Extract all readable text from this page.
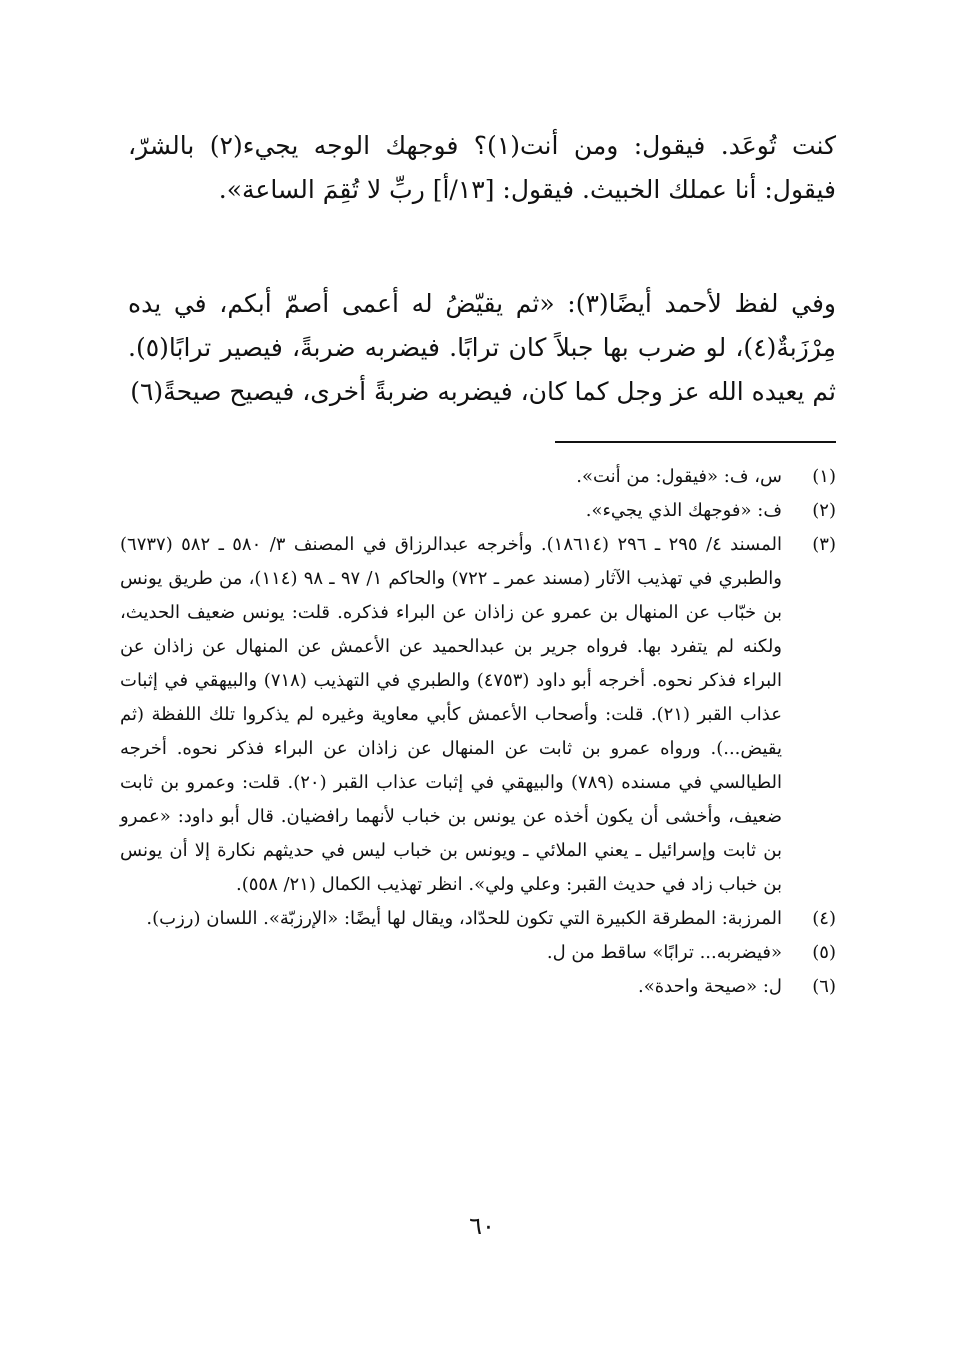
كنت تُوعَد. فيقول: ومن أنت(١)؟ فوجهك الوجه يجيء(٢) بالشرّ، فيقول: أنا عملك الخبيث. فيقول: [١٣/أ] ربِّ لا تُقِمَ الساعة».

وفي لفظ لأحمد أيضًا(٣): «ثم يقيّضُ له أعمى أصمّ أبكم، في يده مِرْزَبةٌ(٤)، لو ضرب بها جبلاً كان ترابًا. فيضربه ضربةً، فيصير ترابًا(٥). ثم يعيده الله عز وجل كما كان، فيضربه ضربةً أخرى، فيصيح صيحةً(٦)

(١)
س، ف: «فيقول: من أنت».
(٢)
ف: «فوجهك الذي يجيء».
(٣)
المسند ٤/ ٢٩٥ ـ ٢٩٦ (١٨٦١٤). وأخرجه عبدالرزاق في المصنف ٣/ ٥٨٠ ـ ٥٨٢ (٦٧٣٧) والطبري في تهذيب الآثار (مسند عمر ـ ٧٢٢) والحاكم ١/ ٩٧ ـ ٩٨ (١١٤)، من طريق يونس بن خبّاب عن المنهال بن عمرو عن زاذان عن البراء فذكره. قلت: يونس ضعيف الحديث، ولكنه لم يتفرد بها. فرواه جرير بن عبدالحميد عن الأعمش عن المنهال عن زاذان عن البراء فذكر نحوه. أخرجه أبو داود (٤٧٥٣) والطبري في التهذيب (٧١٨) والبيهقي في إثبات عذاب القبر (٢١). قلت: وأصحاب الأعمش كأبي معاوية وغيره لم يذكروا تلك اللفظة (ثم يقيض...). ورواه عمرو بن ثابت عن المنهال عن زاذان عن البراء فذكر نحوه. أخرجه الطيالسي في مسنده (٧٨٩) والبيهقي في إثبات عذاب القبر (٢٠). قلت: وعمرو بن ثابت ضعيف، وأخشى أن يكون أخذه عن يونس بن خباب لأنهما رافضيان. قال أبو داود: «عمرو بن ثابت وإسرائيل ـ يعني الملائي ـ ويونس بن خباب ليس في حديثهم نكارة إلا أن يونس بن خباب زاد في حديث القبر: وعلي ولي». انظر تهذيب الكمال (٢١/ ٥٥٨).
(٤)
المرزبة: المطرقة الكبيرة التي تكون للحدّاد، ويقال لها أيضًا: «الإرزبّة». اللسان (رزب).
(٥)
«فيضربه... ترابًا» ساقط من ل.
(٦)
ل: «صيحة واحدة».
٦٠
